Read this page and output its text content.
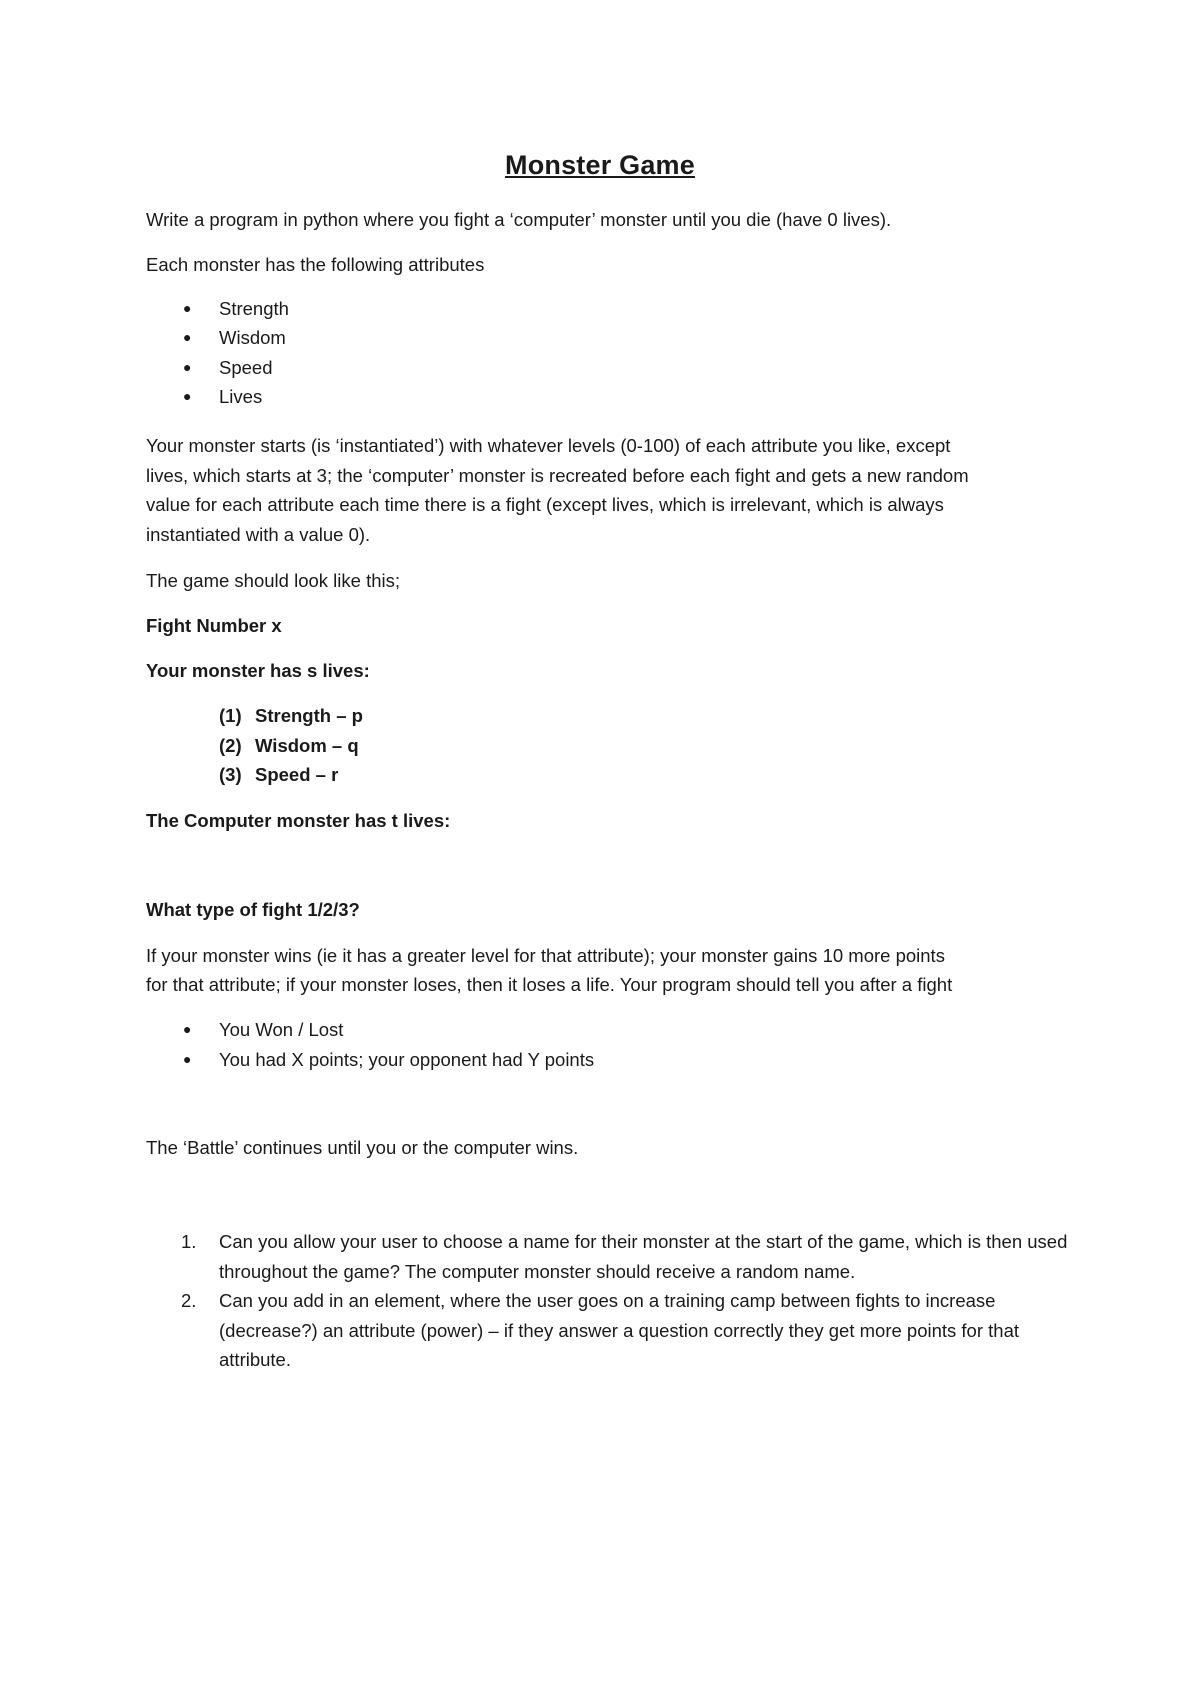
Monster Game
Write a program in python where you fight a ‘computer’ monster until you die (have 0 lives).
Each monster has the following attributes
● Strength
● Wisdom
● Speed
● Lives
Your monster starts (is ‘instantiated’) with whatever levels (0-100) of each attribute you like, except
lives, which starts at 3; the ‘computer’ monster is recreated before each fight and gets a new random
value for each attribute each time there is a fight (except lives, which is irrelevant, which is always
instantiated with a value 0).
The game should look like this;
Fight Number x
Your monster has s lives:
(1) Strength – p
(2) Wisdom – q
(3) Speed – r
The Computer monster has t lives:
What type of fight 1/2/3?
If your monster wins (ie it has a greater level for that attribute); your monster gains 10 more points
for that attribute; if your monster loses, then it loses a life. Your program should tell you after a fight
● You Won / Lost
● You had X points; your opponent had Y points
The ‘Battle’ continues until you or the computer wins.
1. Can you allow your user to choose a name for their monster at the start of the game, which is then used throughout the game? The computer monster should receive a random name.
2. Can you add in an element, where the user goes on a training camp between fights to increase (decrease?) an attribute (power) – if they answer a question correctly they get more points for that attribute.
